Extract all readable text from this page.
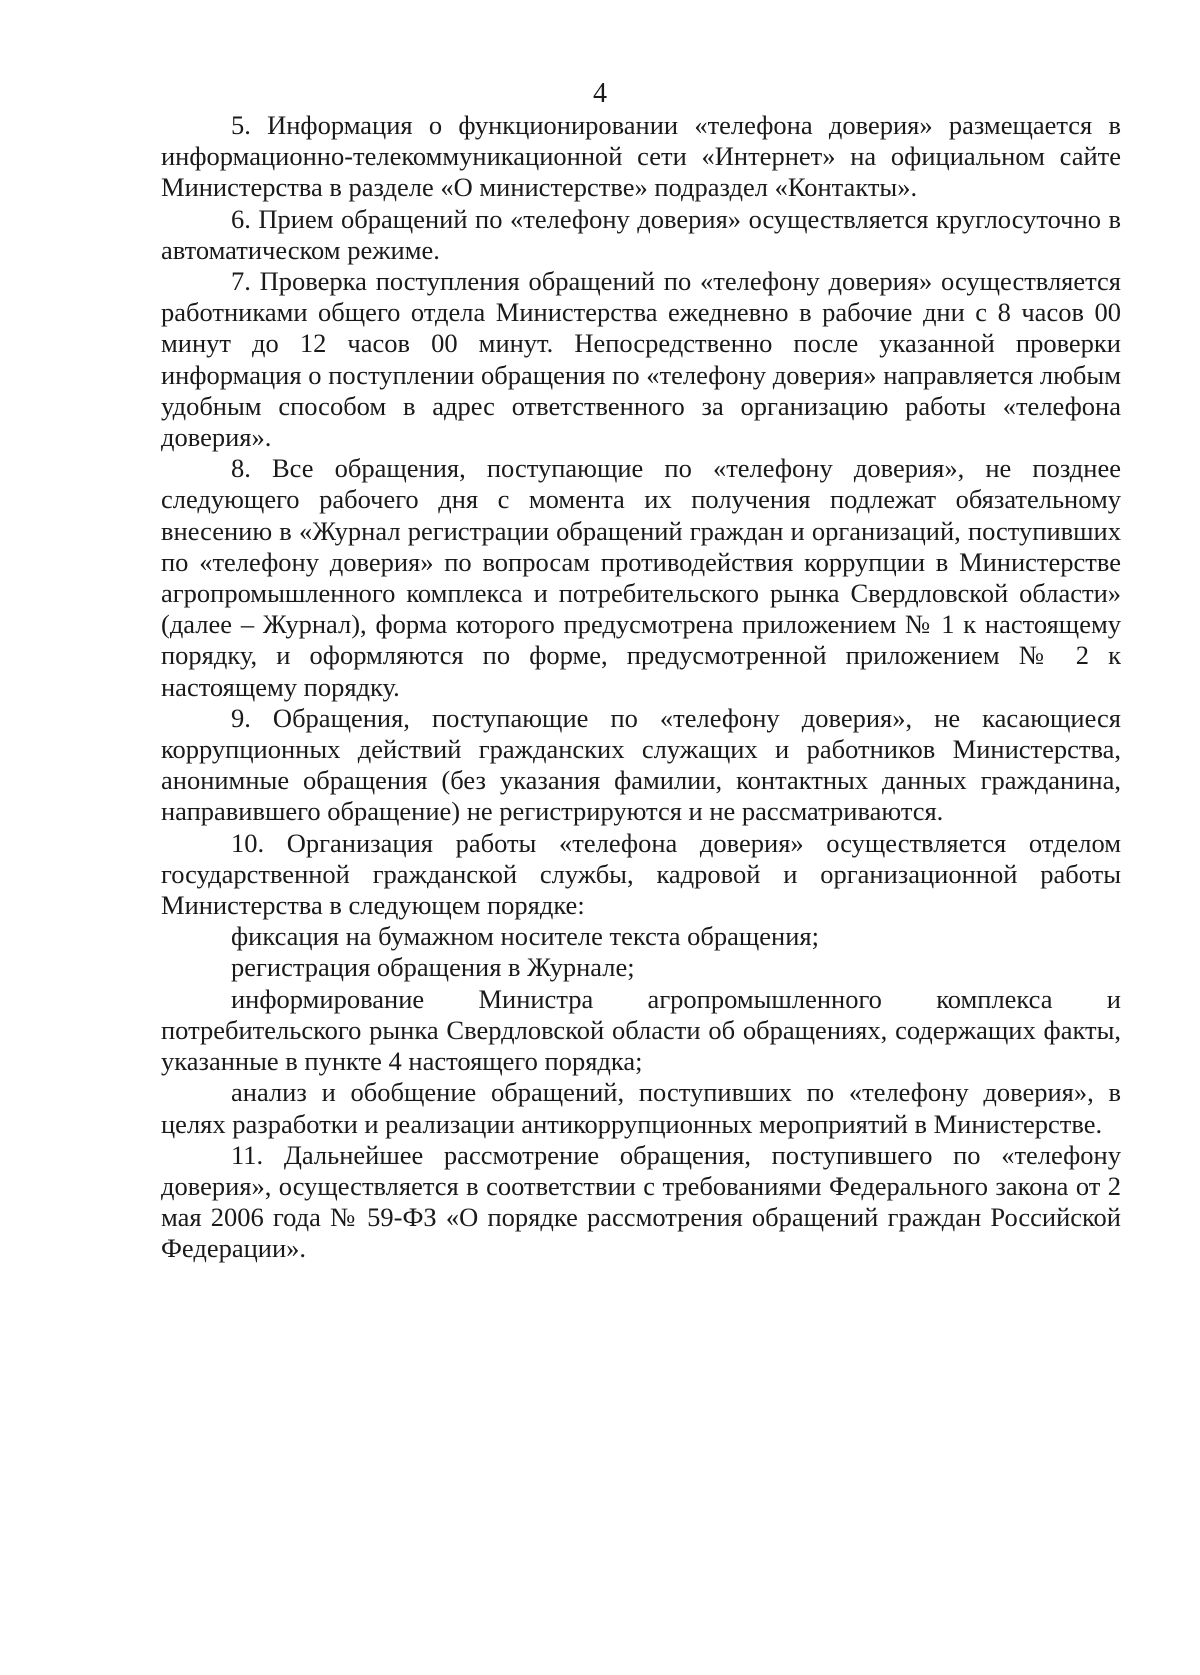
4

5. Информация о функционировании «телефона доверия» размещается в информационно-телекоммуникационной сети «Интернет» на официальном сайте Министерства в разделе «О министерстве» подраздел «Контакты».

6. Прием обращений по «телефону доверия» осуществляется круглосуточно в автоматическом режиме.

7. Проверка поступления обращений по «телефону доверия» осуществляется работниками общего отдела Министерства ежедневно в рабочие дни с 8 часов 00 минут до 12 часов 00 минут. Непосредственно после указанной проверки информация о поступлении обращения по «телефону доверия» направляется любым удобным способом в адрес ответственного за организацию работы «телефона доверия».

8. Все обращения, поступающие по «телефону доверия», не позднее следующего рабочего дня с момента их получения подлежат обязательному внесению в «Журнал регистрации обращений граждан и организаций, поступивших по «телефону доверия» по вопросам противодействия коррупции в Министерстве агропромышленного комплекса и потребительского рынка Свердловской области» (далее – Журнал), форма которого предусмотрена приложением № 1 к настоящему порядку, и оформляются по форме, предусмотренной приложением № 2 к настоящему порядку.

9. Обращения, поступающие по «телефону доверия», не касающиеся коррупционных действий гражданских служащих и работников Министерства, анонимные обращения (без указания фамилии, контактных данных гражданина, направившего обращение) не регистрируются и не рассматриваются.

10. Организация работы «телефона доверия» осуществляется отделом государственной гражданской службы, кадровой и организационной работы Министерства в следующем порядке:

фиксация на бумажном носителе текста обращения;

регистрация обращения в Журнале;

информирование Министра агропромышленного комплекса и потребительского рынка Свердловской области об обращениях, содержащих факты, указанные в пункте 4 настоящего порядка;

анализ и обобщение обращений, поступивших по «телефону доверия», в целях разработки и реализации антикоррупционных мероприятий в Министерстве.

11. Дальнейшее рассмотрение обращения, поступившего по «телефону доверия», осуществляется в соответствии с требованиями Федерального закона от 2 мая 2006 года № 59-ФЗ «О порядке рассмотрения обращений граждан Российской Федерации».
